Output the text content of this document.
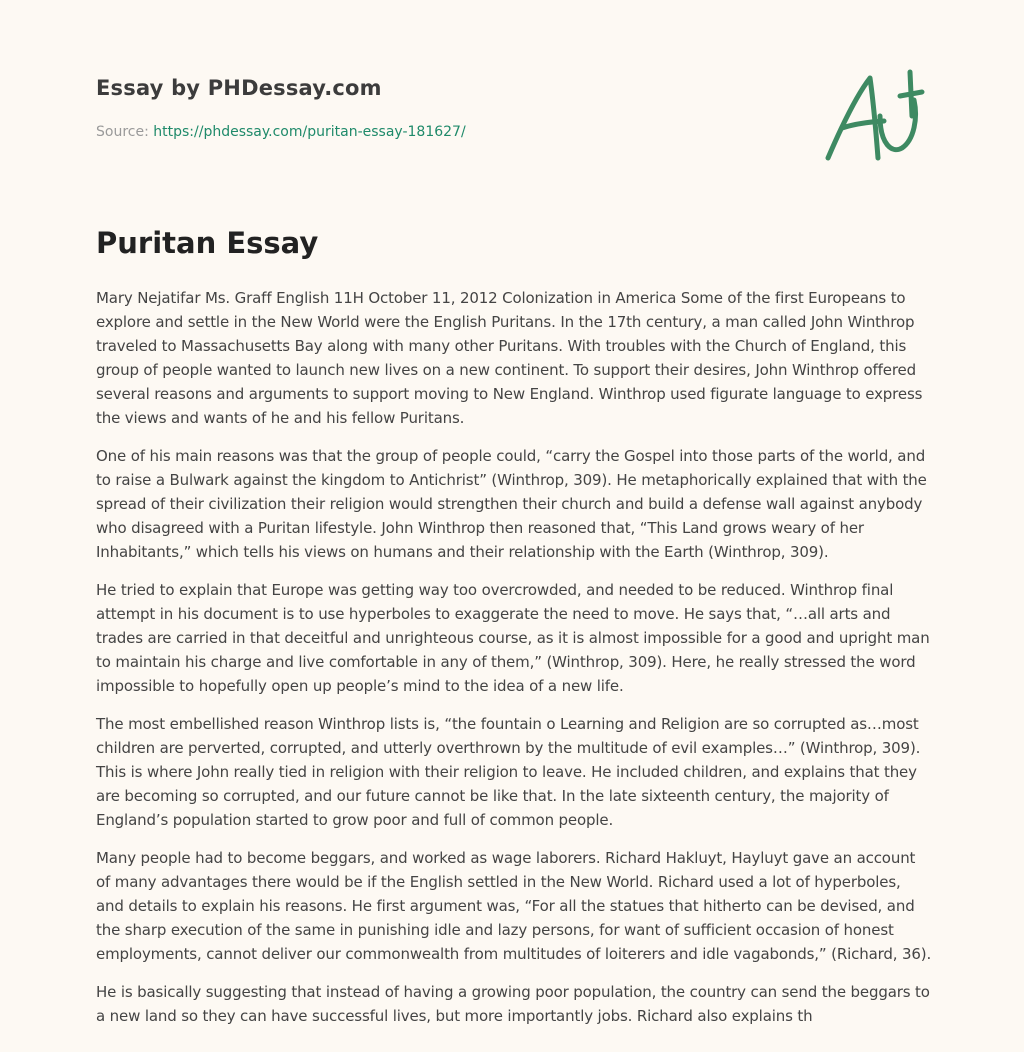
Essay by PHDessay.com
Source: https://phdessay.com/puritan-essay-181627/
Puritan Essay

Mary Nejatifar Ms. Graff English 11H October 11, 2012 Colonization in America Some of the first Europeans to explore and settle in the New World were the English Puritans. In the 17th century, a man called John Winthrop traveled to Massachusetts Bay along with many other Puritans. With troubles with the Church of England, this group of people wanted to launch new lives on a new continent. To support their desires, John Winthrop offered several reasons and arguments to support moving to New England. Winthrop used figurate language to express the views and wants of he and his fellow Puritans.

One of his main reasons was that the group of people could, “carry the Gospel into those parts of the world, and to raise a Bulwark against the kingdom to Antichrist” (Winthrop, 309). He metaphorically explained that with the spread of their civilization their religion would strengthen their church and build a defense wall against anybody who disagreed with a Puritan lifestyle. John Winthrop then reasoned that, “This Land grows weary of her Inhabitants,” which tells his views on humans and their relationship with the Earth (Winthrop, 309).

He tried to explain that Europe was getting way too overcrowded, and needed to be reduced. Winthrop final attempt in his document is to use hyperboles to exaggerate the need to move. He says that, “…all arts and trades are carried in that deceitful and unrighteous course, as it is almost impossible for a good and upright man to maintain his charge and live comfortable in any of them,” (Winthrop, 309). Here, he really stressed the word impossible to hopefully open up people’s mind to the idea of a new life.

The most embellished reason Winthrop lists is, “the fountain o Learning and Religion are so corrupted as…most children are perverted, corrupted, and utterly overthrown by the multitude of evil examples…” (Winthrop, 309). This is where John really tied in religion with their religion to leave. He included children, and explains that they are becoming so corrupted, and our future cannot be like that. In the late sixteenth century, the majority of England’s population started to grow poor and full of common people.

Many people had to become beggars, and worked as wage laborers. Richard Hakluyt, Hayluyt gave an account of many advantages there would be if the English settled in the New World. Richard used a lot of hyperboles, and details to explain his reasons. He first argument was, “For all the statues that hitherto can be devised, and the sharp execution of the same in punishing idle and lazy persons, for want of sufficient occasion of honest employments, cannot deliver our commonwealth from multitudes of loiterers and idle vagabonds,” (Richard, 36).

He is basically suggesting that instead of having a growing poor population, the country can send the beggars to a new land so they can have successful lives, but more importantly jobs. Richard also explains th
